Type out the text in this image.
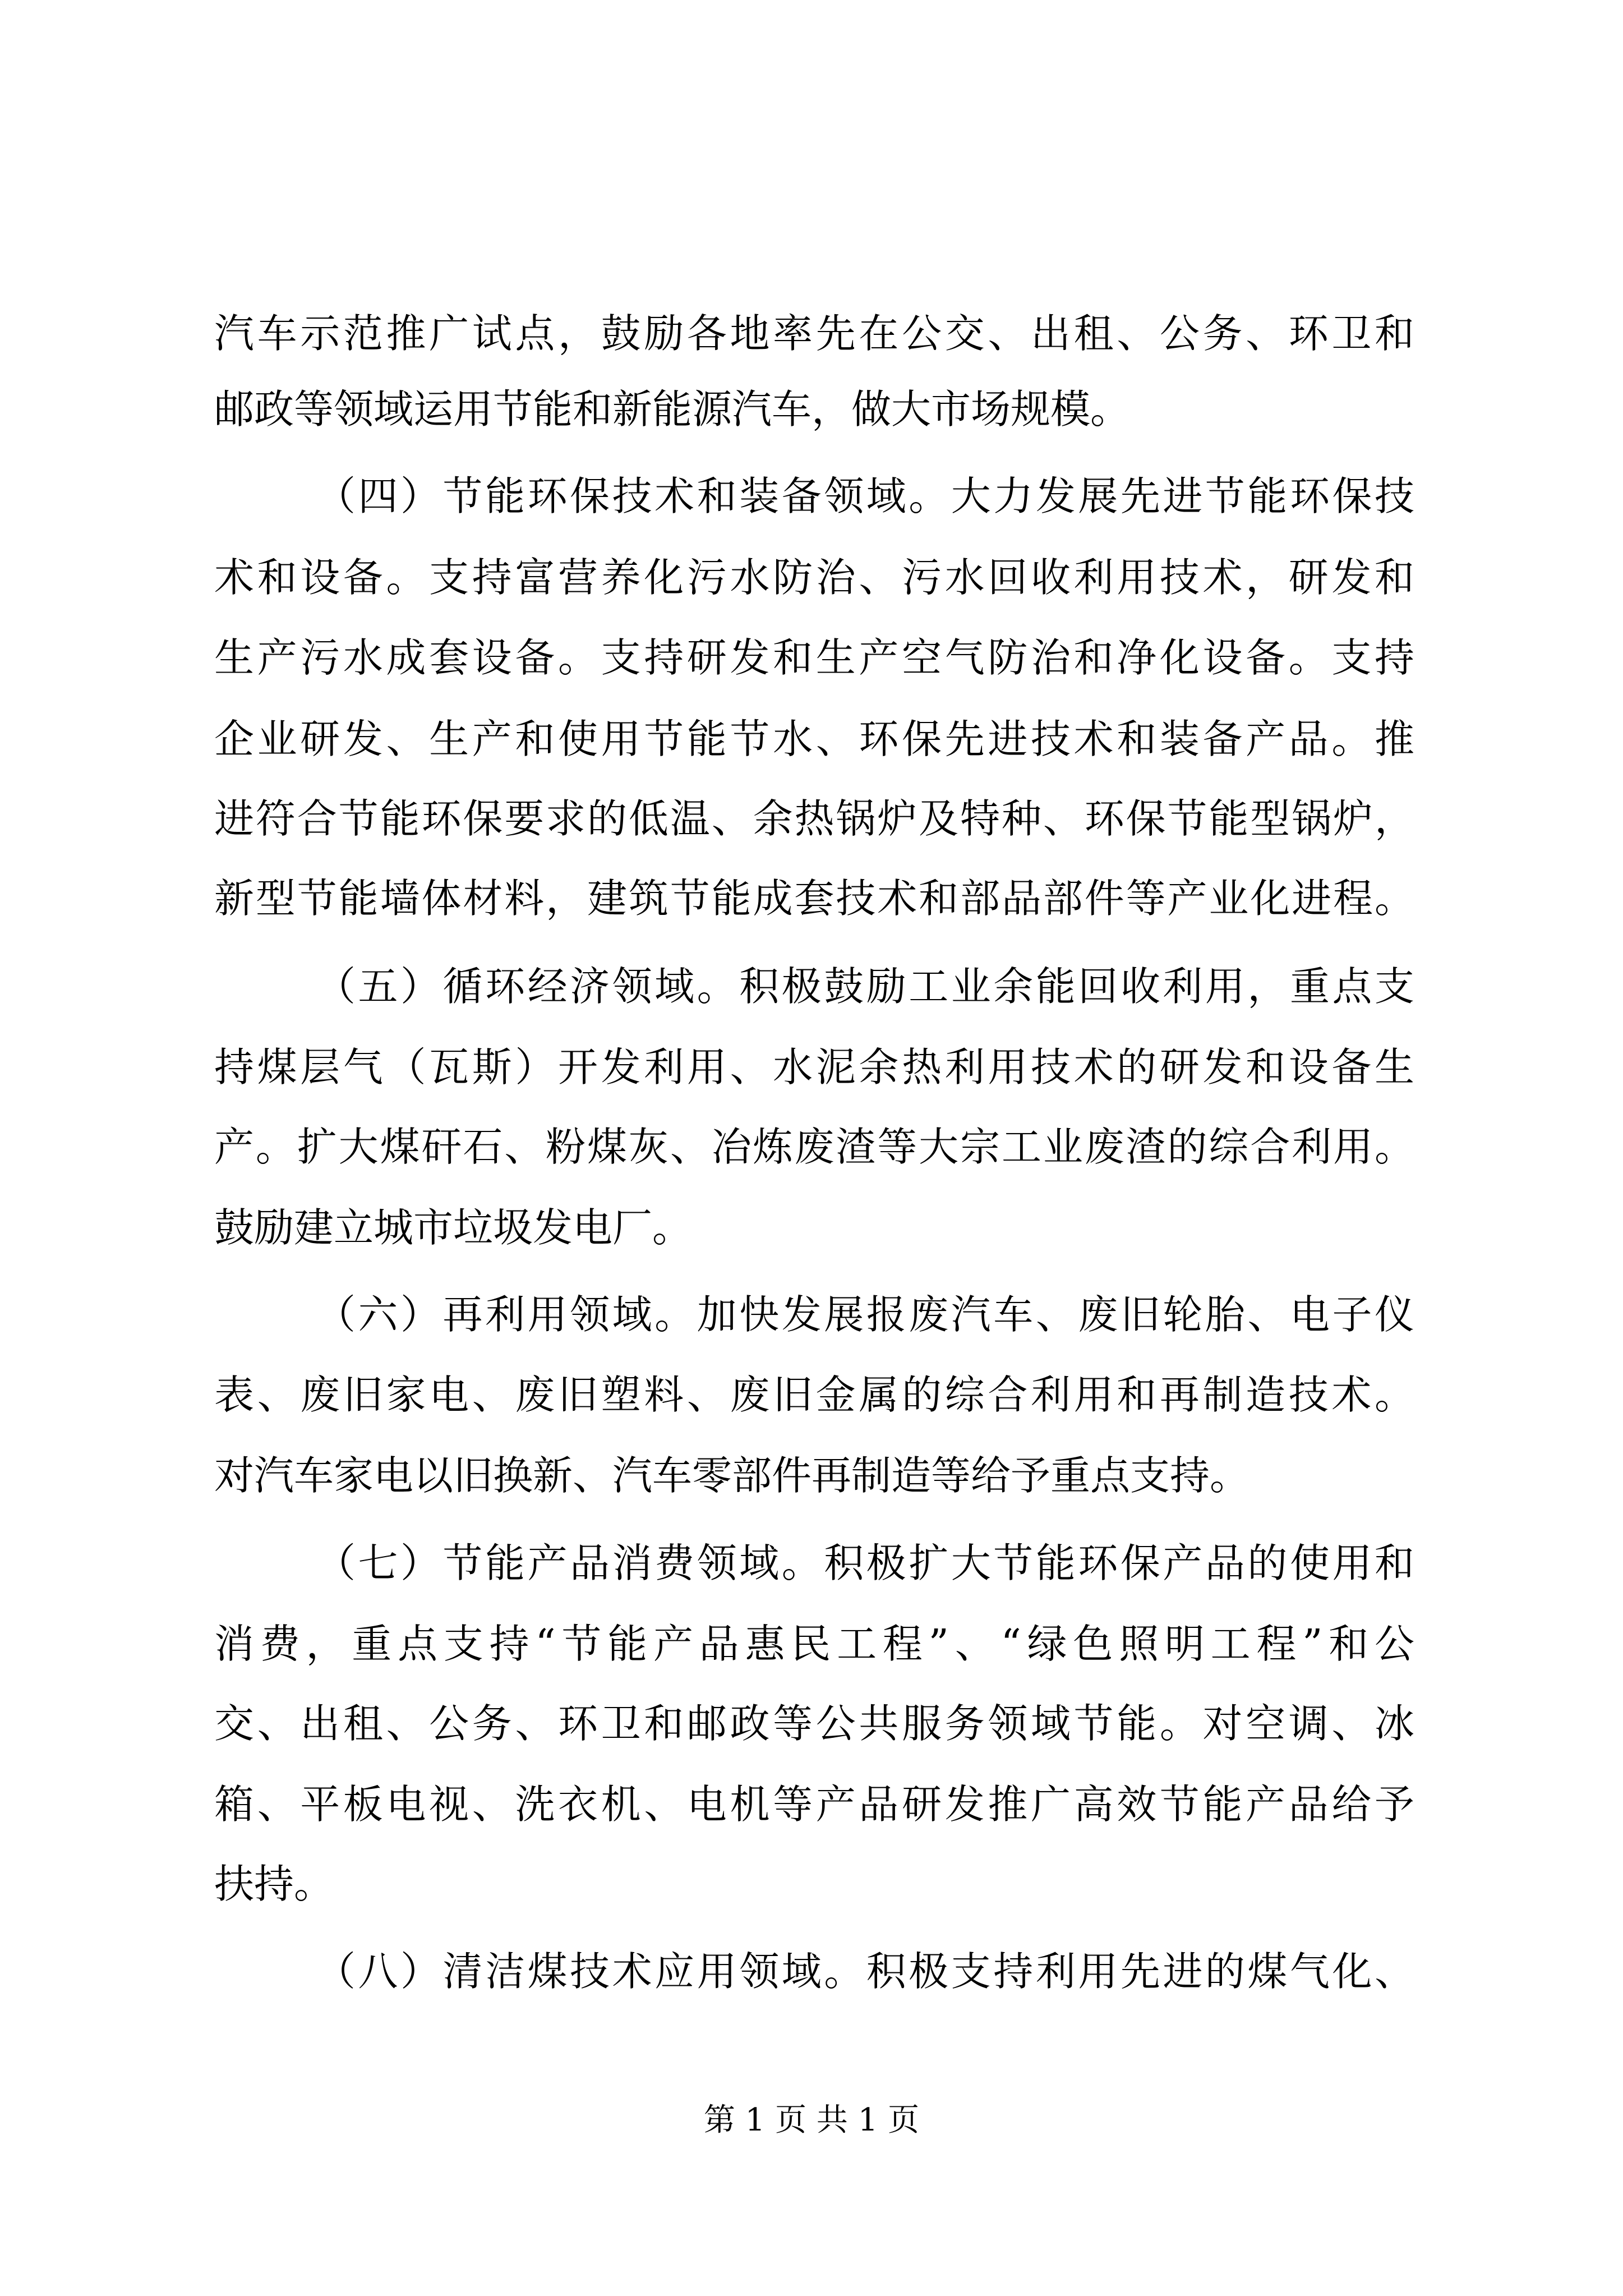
汽车示范推广试点，鼓励各地率先在公交、出租、公务、环卫和
邮政等领域运用节能和新能源汽车，做大市场规模。
（四）节能环保技术和装备领域。大力发展先进节能环保技
术和设备。支持富营养化污水防治、污水回收利用技术，研发和
生产污水成套设备。支持研发和生产空气防治和净化设备。支持
企业研发、生产和使用节能节水、环保先进技术和装备产品。推
进符合节能环保要求的低温、余热锅炉及特种、环保节能型锅炉，
新型节能墙体材料，建筑节能成套技术和部品部件等产业化进程。
（五）循环经济领域。积极鼓励工业余能回收利用，重点支
持煤层气（瓦斯）开发利用、水泥余热利用技术的研发和设备生
产。扩大煤矸石、粉煤灰、冶炼废渣等大宗工业废渣的综合利用。
鼓励建立城市垃圾发电厂。
（六）再利用领域。加快发展报废汽车、废旧轮胎、电子仪
表、废旧家电、废旧塑料、废旧金属的综合利用和再制造技术。
对汽车家电以旧换新、汽车零部件再制造等给予重点支持。
（七）节能产品消费领域。积极扩大节能环保产品的使用和
消费，重点支持“节能产品惠民工程”、“绿色照明工程”和公
交、出租、公务、环卫和邮政等公共服务领域节能。对空调、冰
箱、平板电视、洗衣机、电机等产品研发推广高效节能产品给予
扶持。
（八）清洁煤技术应用领域。积极支持利用先进的煤气化、
第 1 页 共 1 页
